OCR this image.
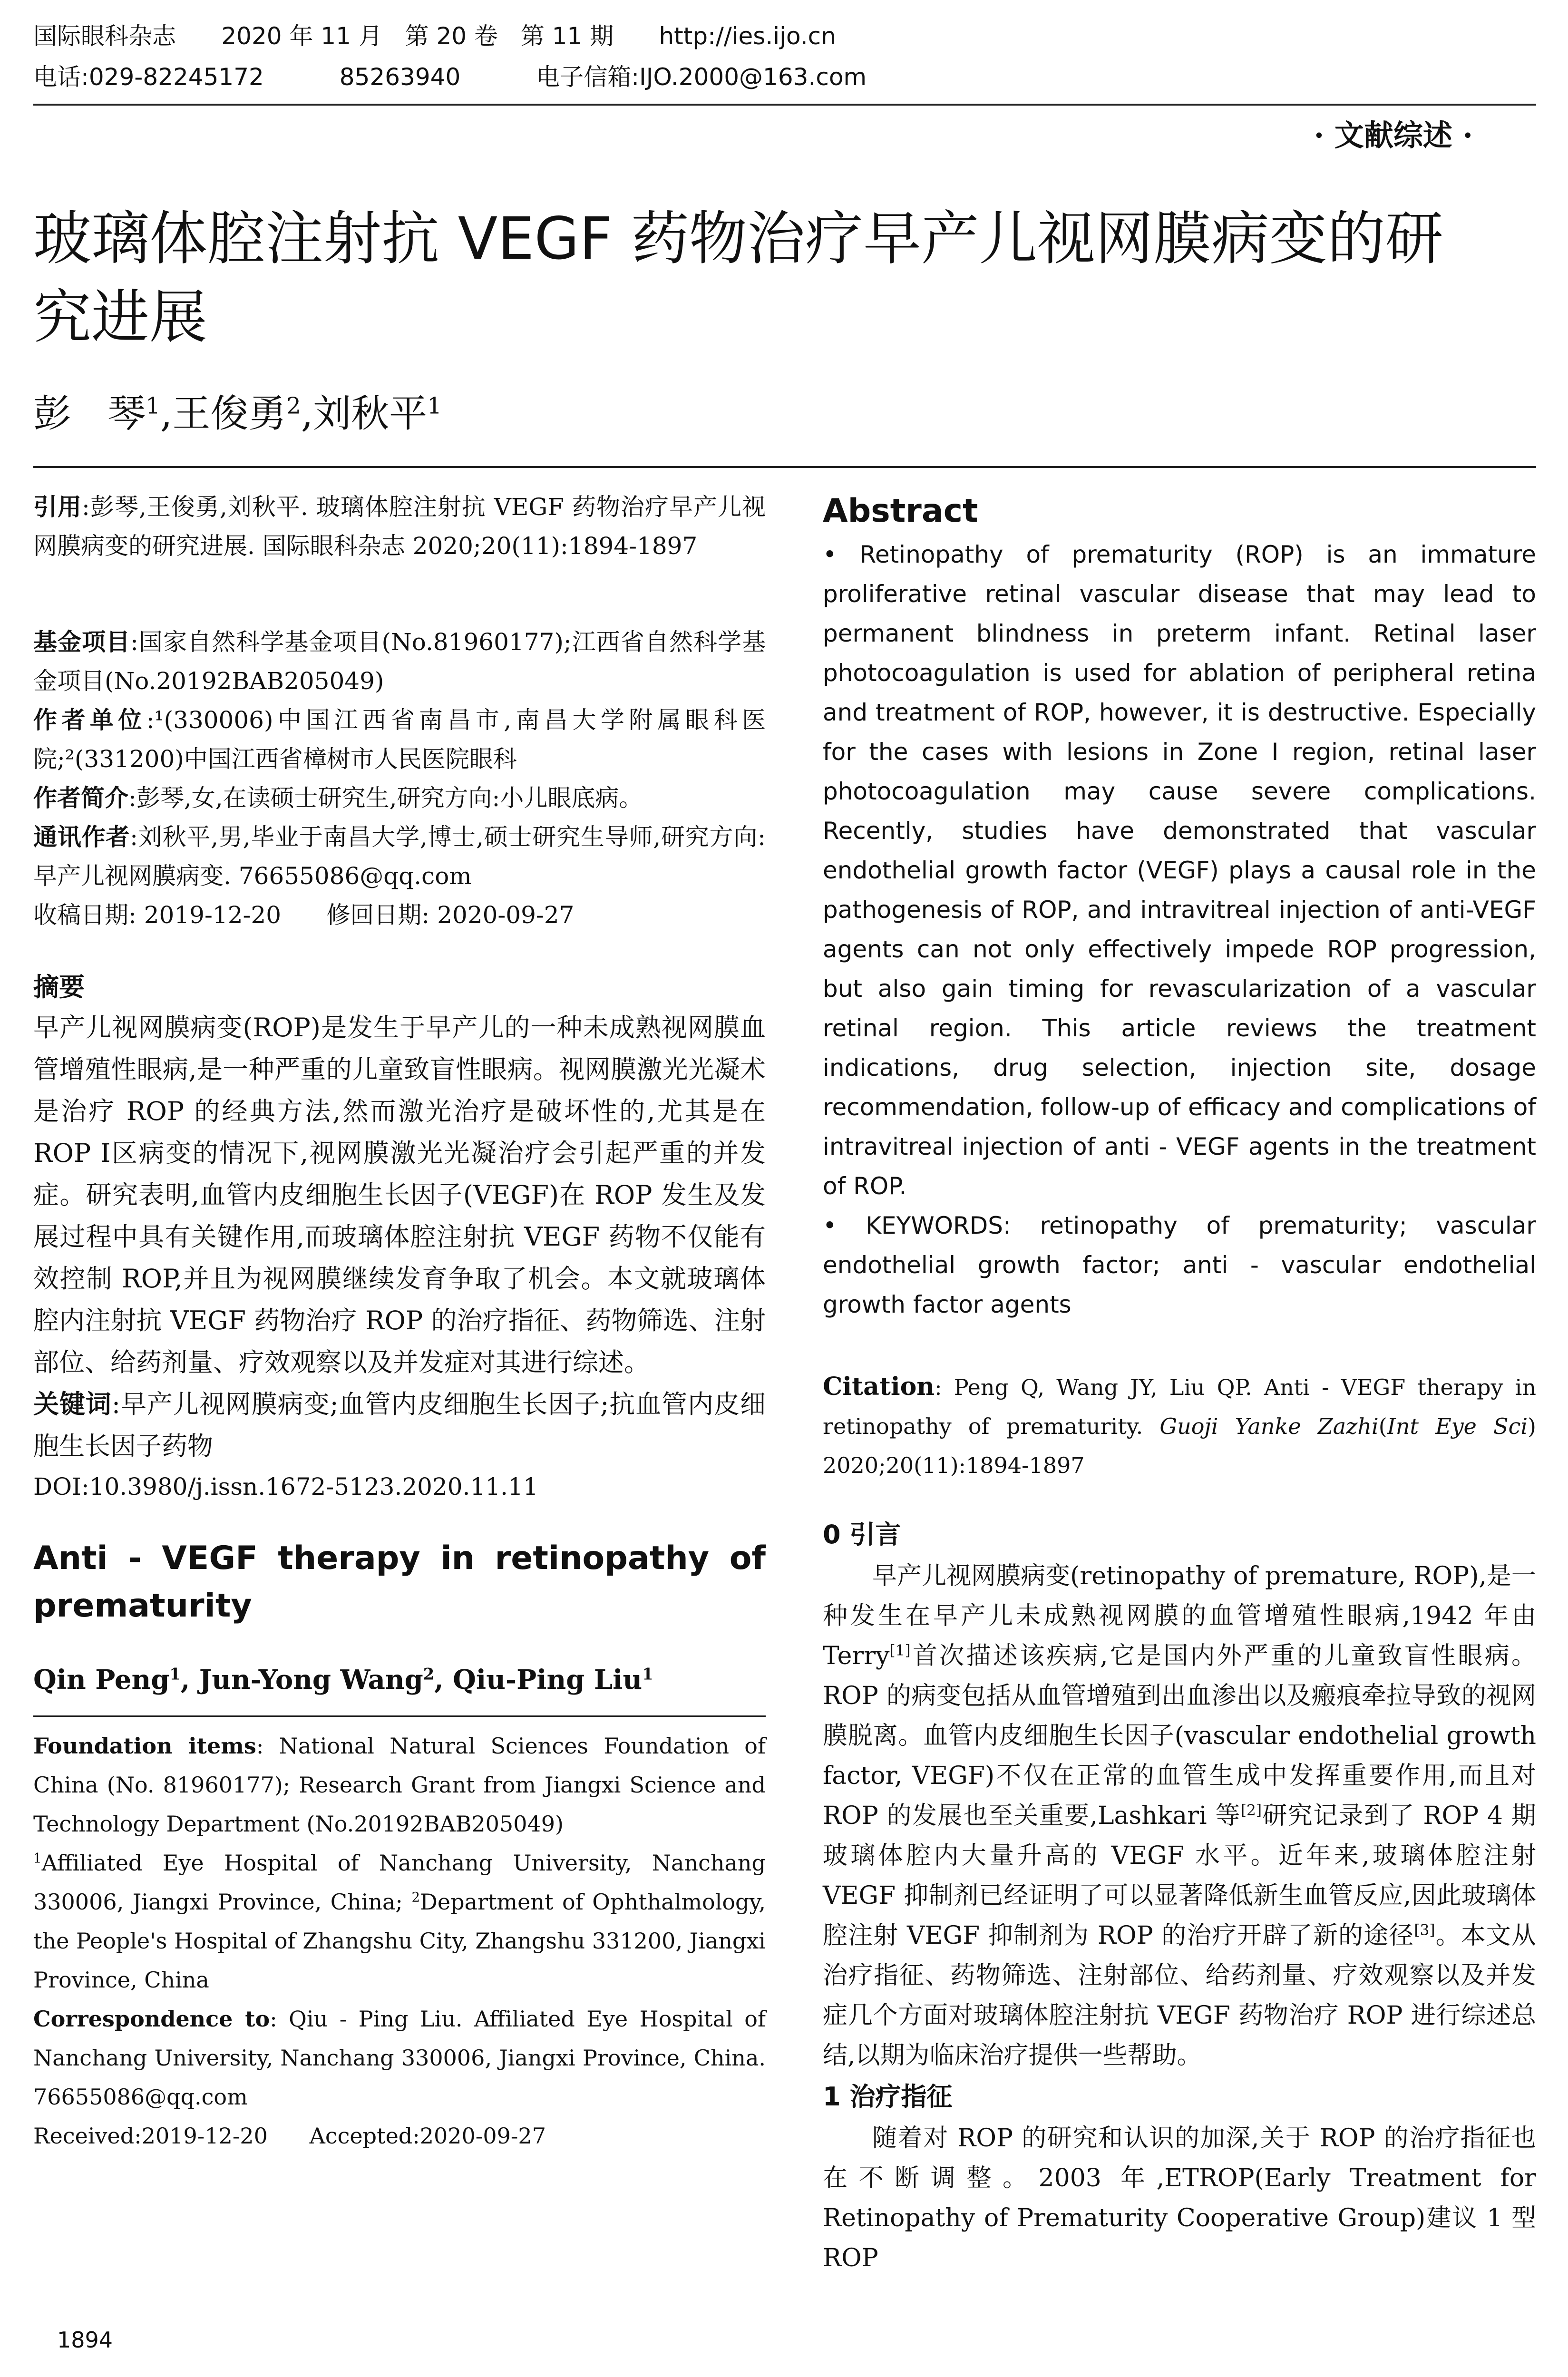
国际眼科杂志 2020 年 11 月   第 20 卷   第 11 期 http://ies.ijo.cn
电话:029-82245172	85263940	电子信箱:IJO.2000@163.com
· 文献综述 ·
玻璃体腔注射抗 VEGF 药物治疗早产儿视网膜病变的研
究进展
彭   琴$^1$,王俊勇$^2$,刘秋平$^1$
引用:彭琴,王俊勇,刘秋平. 玻璃体腔注射抗 VEGF 药物治疗早产儿视网膜病变的研究进展. 国际眼科杂志 2020;20(11):1894-1897
基金项目:国家自然科学基金项目(No.81960177);江西省自然科学基金项目(No.20192BAB205049)
作者单位:¹(330006)中国江西省南昌市,南昌大学附属眼科医院;²(331200)中国江西省樟树市人民医院眼科
作者简介:彭琴,女,在读硕士研究生,研究方向:小儿眼底病。
通讯作者:刘秋平,男,毕业于南昌大学,博士,硕士研究生导师,研究方向:早产儿视网膜病变. 76655086@qq.com
收稿日期: 2019-12-20 修回日期: 2020-09-27
摘要
早产儿视网膜病变(ROP)是发生于早产儿的一种未成熟视网膜血管增殖性眼病,是一种严重的儿童致盲性眼病。视网膜激光光凝术是治疗 ROP 的经典方法,然而激光治疗是破坏性的,尤其是在 ROP Ⅰ区病变的情况下,视网膜激光光凝治疗会引起严重的并发症。研究表明,血管内皮细胞生长因子(VEGF)在 ROP 发生及发展过程中具有关键作用,而玻璃体腔注射抗 VEGF 药物不仅能有效控制 ROP,并且为视网膜继续发育争取了机会。本文就玻璃体腔内注射抗 VEGF 药物治疗 ROP 的治疗指征、药物筛选、注射部位、给药剂量、疗效观察以及并发症对其进行综述。
关键词:早产儿视网膜病变;血管内皮细胞生长因子;抗血管内皮细胞生长因子药物
DOI:10.3980/j.issn.1672-5123.2020.11.11
Anti - VEGF therapy in retinopathy of
prematurity
Qin Peng$^1$, Jun-Yong Wang$^2$, Qiu-Ping Liu$^1$
Foundation items: National Natural Sciences Foundation of China (No. 81960177); Research Grant from Jiangxi Science and Technology Department (No.20192BAB205049)
$^1$Affiliated Eye Hospital of Nanchang University, Nanchang 330006, Jiangxi Province, China; $^2$Department of Ophthalmology, the People's Hospital of Zhangshu City, Zhangshu 331200, Jiangxi Province, China
Correspondence to: Qiu - Ping Liu. Affiliated Eye Hospital of Nanchang University, Nanchang 330006, Jiangxi Province, China. 76655086@qq.com
Received:2019-12-20 Accepted:2020-09-27
Abstract
• Retinopathy of prematurity (ROP) is an immature proliferative retinal vascular disease that may lead to permanent blindness in preterm infant. Retinal laser photocoagulation is used for ablation of peripheral retina and treatment of ROP, however, it is destructive. Especially for the cases with lesions in Zone I region, retinal laser photocoagulation may cause severe complications. Recently, studies have demonstrated that vascular endothelial growth factor (VEGF) plays a causal role in the pathogenesis of ROP, and intravitreal injection of anti-VEGF agents can not only effectively impede ROP progression, but also gain timing for revascularization of a vascular retinal region. This article reviews the treatment indications, drug selection, injection site, dosage recommendation, follow-up of efficacy and complications of intravitreal injection of anti - VEGF agents in the treatment of ROP.
• KEYWORDS: retinopathy of prematurity; vascular endothelial growth factor; anti - vascular endothelial growth factor agents
Citation: Peng Q, Wang JY, Liu QP. Anti - VEGF therapy in retinopathy of prematurity. Guoji Yanke Zazhi(Int Eye Sci) 2020;20(11):1894-1897
0 引言
早产儿视网膜病变(retinopathy of premature, ROP),是一种发生在早产儿未成熟视网膜的血管增殖性眼病,1942 年由 Terry[1]首次描述该疾病,它是国内外严重的儿童致盲性眼病。ROP 的病变包括从血管增殖到出血渗出以及瘢痕牵拉导致的视网膜脱离。血管内皮细胞生长因子(vascular endothelial growth factor, VEGF)不仅在正常的血管生成中发挥重要作用,而且对 ROP 的发展也至关重要,Lashkari 等[2]研究记录到了 ROP 4 期玻璃体腔内大量升高的 VEGF 水平。近年来,玻璃体腔注射 VEGF 抑制剂已经证明了可以显著降低新生血管反应,因此玻璃体腔注射 VEGF 抑制剂为 ROP 的治疗开辟了新的途径[3]。本文从治疗指征、药物筛选、注射部位、给药剂量、疗效观察以及并发症几个方面对玻璃体腔注射抗 VEGF 药物治疗 ROP 进行综述总结,以期为临床治疗提供一些帮助。
1 治疗指征
随着对 ROP 的研究和认识的加深,关于 ROP 的治疗指征也在不断调整。2003 年,ETROP(Early Treatment for Retinopathy of Prematurity Cooperative Group)建议 1 型 ROP
1894
